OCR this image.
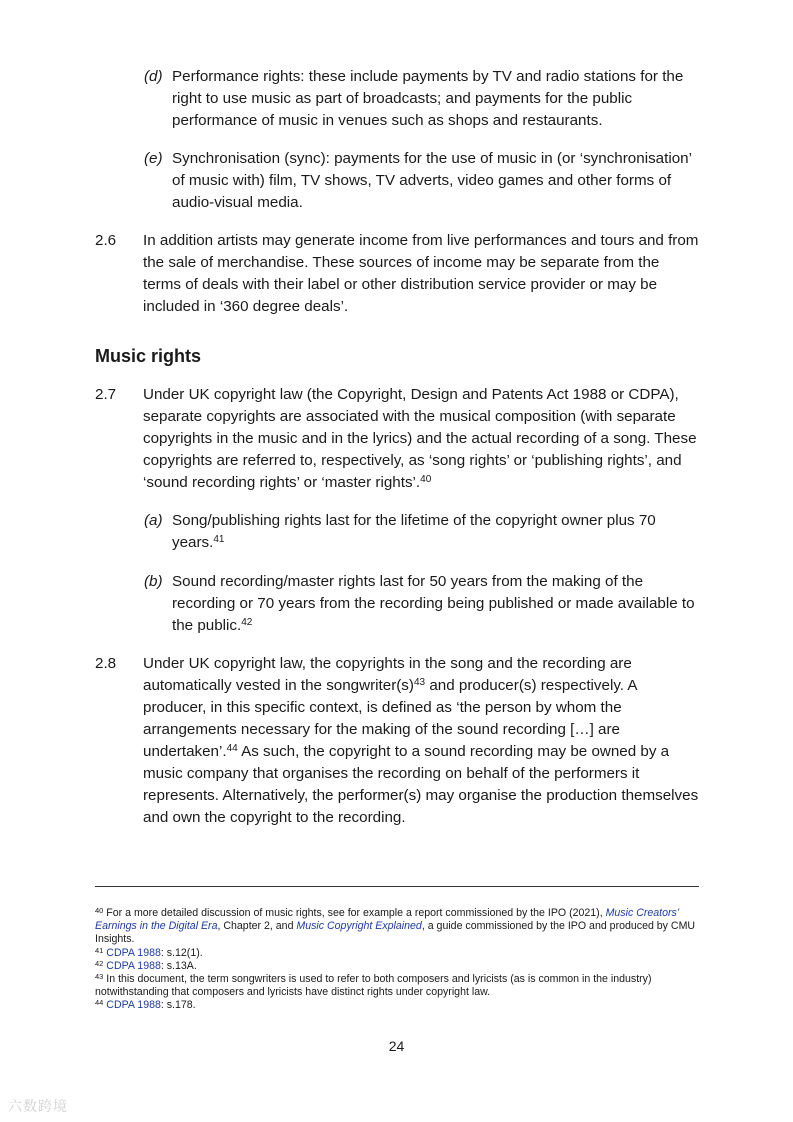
(d) Performance rights: these include payments by TV and radio stations for the right to use music as part of broadcasts; and payments for the public performance of music in venues such as shops and restaurants.
(e) Synchronisation (sync): payments for the use of music in (or ‘synchronisation’ of music with) film, TV shows, TV adverts, video games and other forms of audio-visual media.
2.6 In addition artists may generate income from live performances and tours and from the sale of merchandise. These sources of income may be separate from the terms of deals with their label or other distribution service provider or may be included in ‘360 degree deals’.
Music rights
2.7 Under UK copyright law (the Copyright, Design and Patents Act 1988 or CDPA), separate copyrights are associated with the musical composition (with separate copyrights in the music and in the lyrics) and the actual recording of a song. These copyrights are referred to, respectively, as ‘song rights’ or ‘publishing rights’, and ‘sound recording rights’ or ‘master rights’.$^{40}$
(a) Song/publishing rights last for the lifetime of the copyright owner plus 70 years.$^{41}$
(b) Sound recording/master rights last for 50 years from the making of the recording or 70 years from the recording being published or made available to the public.$^{42}$
2.8 Under UK copyright law, the copyrights in the song and the recording are automatically vested in the $songwriter(s)^{43}$ and producer(s) respectively. A producer, in this specific context, is defined as ‘the person by whom the arrangements necessary for the making of the sound recording […] are undertaken’.$^{44}$ As such, the copyright to a sound recording may be owned by a music company that organises the recording on behalf of the performers it represents. Alternatively, the performer(s) may organise the production themselves and own the copyright to the recording.
$^{40}$ For a more detailed discussion of music rights, see for example a report commissioned by the IPO (2021), Music Creators’ Earnings in the Digital Era, Chapter 2, and Music Copyright Explained, a guide commissioned by the IPO and produced by CMU Insights.
$^{41}$ CDPA 1988: s.12(1).
$^{42}$ CDPA 1988: s.13A.
$^{43}$ In this document, the term songwriters is used to refer to both composers and lyricists (as is common in the industry) notwithstanding that composers and lyricists have distinct rights under copyright law.
$^{44}$ CDPA 1988: s.178.
24
六数跨境
